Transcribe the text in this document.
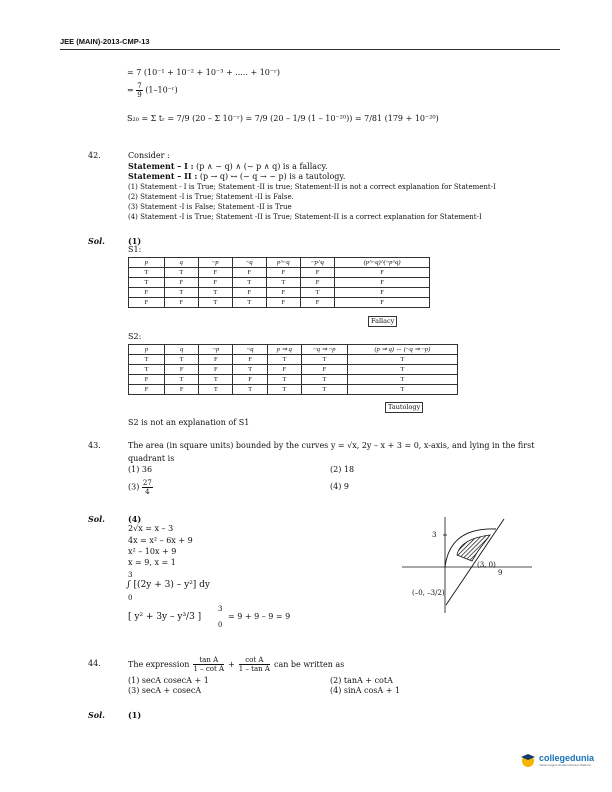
JEE (MAIN)-2013-CMP-13
= 7 (10⁻¹ + 10⁻² + 10⁻³ + ..... + 10⁻ʳ)
= $\frac{7}{9}$ (1–10⁻ʳ)
S₂₀ = Σ tᵣ = 7/9 (20 – Σ 10⁻ʳ) = 7/9 (20 – 1/9 (1 – 10⁻²⁰)) = 7/81 (179 + 10⁻²⁰)
42.	Consider :
Statement – I : (p ∧ ~ q) ∧ (~ p ∧ q) is a fallacy.
Statement – II : (p → q) ↔ (~ q → ~ p) is a tautology.
(1) Statement - I is True; Statement -II is true; Statement-II is not a correct explanation for Statement-I
(2) Statement -I is True; Statement -II is False.
(3) Statement -I is False; Statement -II is True
(4) Statement -I is True; Statement -II is True; Statement-II is a correct explanation for Statement-I
Sol.	(1)
S1:
p	q	~p	~q	p^~q	~p^q	(p^~q)^(~p^q)
T	T	F	F	F	F	F
T	F	F	T	T	F	F
F	T	T	F	F	T	F
F	F	T	T	F	F	F
Fallacy
S2:
p	q	~p	~q	p ⇒ q	~q ⇒ ~p	(p ⇒ q) ⇔ (~q ⇒ ~p)
T	T	F	F	T	T	T
T	F	F	T	F	F	T
F	T	T	F	T	T	T
F	F	T	T	T	T	T
Tautology
S2 is not an explanation of S1
43.	The area (in square units) bounded by the curves y = √x, 2y – x + 3 = 0, x-axis, and lying in the first
quadrant is
(1) 36	(2) 18
$(3) \frac{27}{4}$	(4) 9
Sol.	(4)
2√x = x – 3
4x = x² – 6x + 9
x² – 10x + 9
x = 9, x = 1
3
∫ [(2y + 3) – y²] dy
0
[ y² + 3y – y³/3 ]
3
0
= 9 + 9 – 9 = 9
3
(3, 0)
9
(–0, –3/2)
44.	The expression $\frac{\text{tan A}}{\text{1 – cot A}} + \frac{\text{cot A}}{\text{1 – tan A}}$ can be written as
(1) secA cosecA + 1	(2) tanA + cotA
(3) secA + cosecA	(4) sinA cosA + 1
Sol.	(1)
collegedunia
India's largest Student Review Platform
